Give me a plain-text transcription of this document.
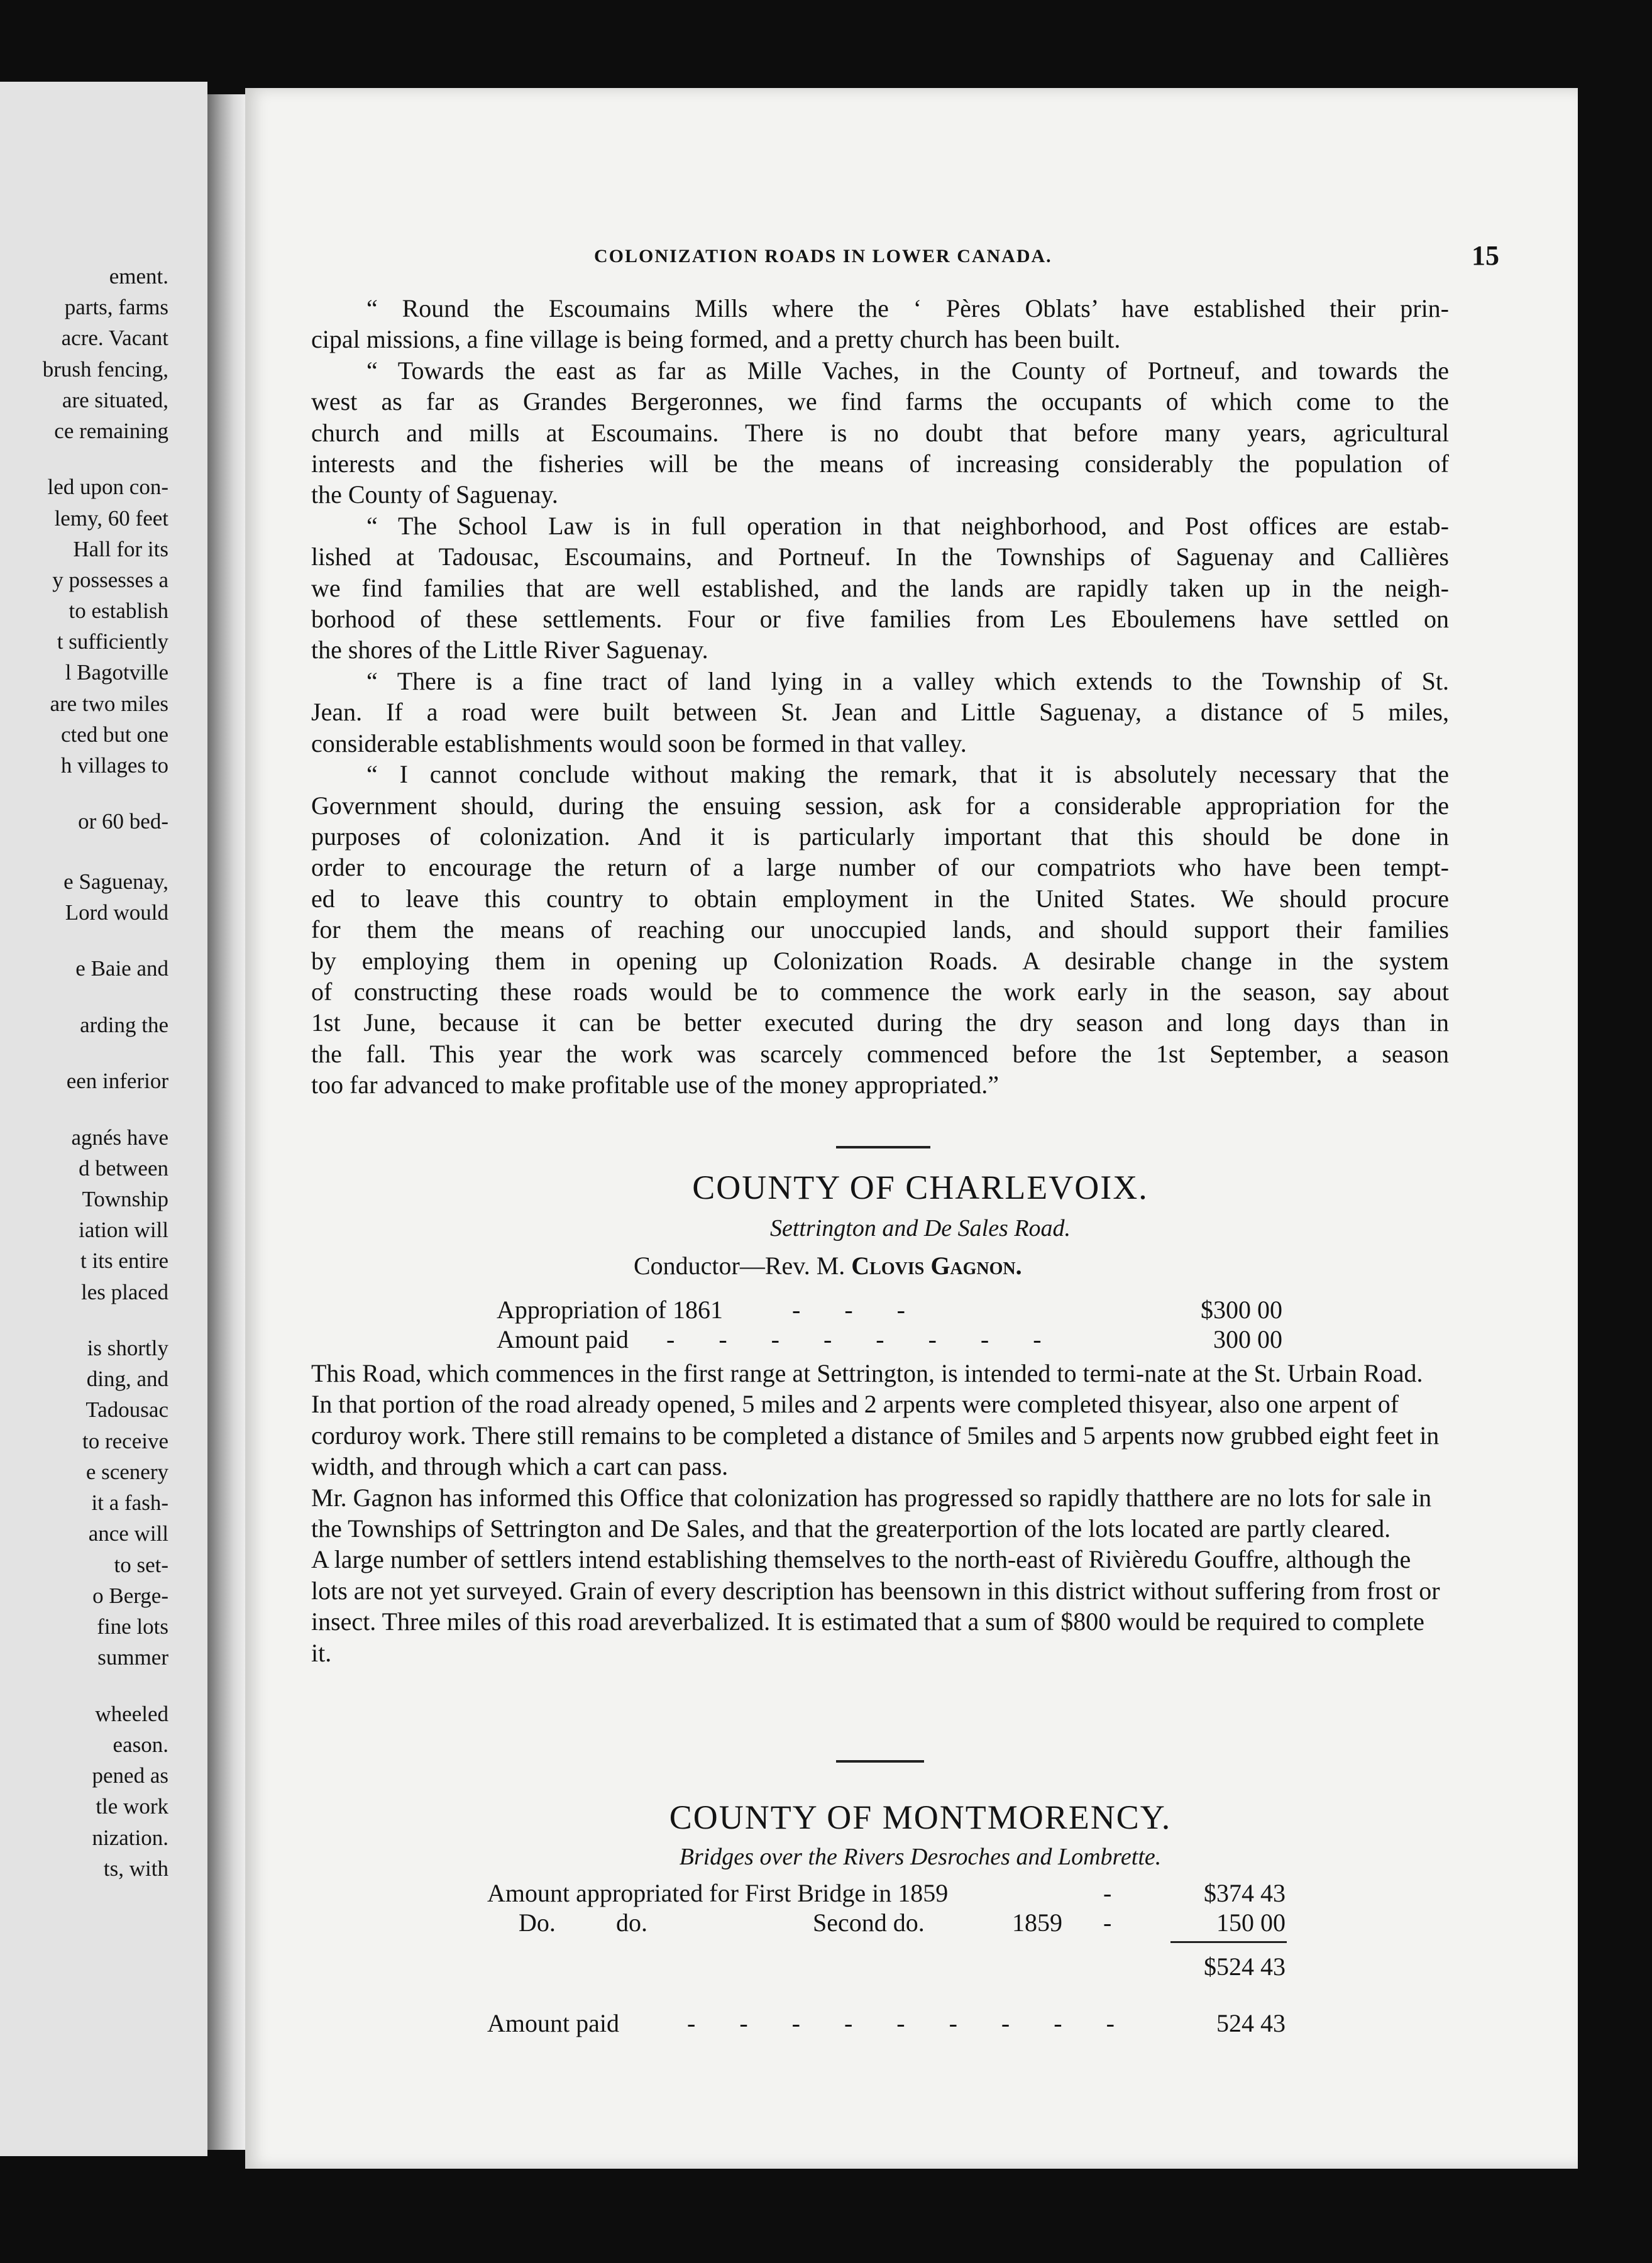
ement.
parts, farms
acre. Vacant
brush fencing,
are situated,
ce remaining
led upon con-
lemy, 60 feet
Hall for its
y possesses a
to establish
t sufficiently
l Bagotville
are two miles
cted but one
h villages to
or 60 bed-
e Saguenay,
Lord would
e Baie and
arding the
een inferior
agnés have
d between
Township
iation will
t its entire
les placed
is shortly
ding, and
Tadousac
to receive
e scenery
it a fash-
ance will
to set-
o Berge-
fine lots
summer
wheeled
eason.
pened as
tle work
nization.
ts, with
COLONIZATION ROADS IN LOWER CANADA.	15
“ Round the Escoumains Mills where the ‘ Pères Oblats’ have established their prin-
cipal missions, a fine village is being formed, and a pretty church has been built.
“ Towards the east as far as Mille Vaches, in the County of Portneuf, and towards the
west as far as Grandes Bergeronnes, we find farms the occupants of which come to the
church and mills at Escoumains. There is no doubt that before many years, agricultural
interests and the fisheries will be the means of increasing considerably the population of
the County of Saguenay.
“ The School Law is in full operation in that neighborhood, and Post offices are estab-
lished at Tadousac, Escoumains, and Portneuf. In the Townships of Saguenay and Callières
we find families that are well established, and the lands are rapidly taken up in the neigh-
borhood of these settlements. Four or five families from Les Eboulemens have settled on
the shores of the Little River Saguenay.
“ There is a fine tract of land lying in a valley which extends to the Township of St.
Jean. If a road were built between St. Jean and Little Saguenay, a distance of 5 miles,
considerable establishments would soon be formed in that valley.
“ I cannot conclude without making the remark, that it is absolutely necessary that the
Government should, during the ensuing session, ask for a considerable appropriation for the
purposes of colonization. And it is particularly important that this should be done in
order to encourage the return of a large number of our compatriots who have been tempt-
ed to leave this country to obtain employment in the United States. We should procure
for them the means of reaching our unoccupied lands, and should support their families
by employing them in opening up Colonization Roads. A desirable change in the system
of constructing these roads would be to commence the work early in the season, say about
1st June, because it can be better executed during the dry season and long days than in
the fall. This year the work was scarcely commenced before the 1st September, a season
too far advanced to make profitable use of the money appropriated.”
COUNTY OF CHARLEVOIX.
Settrington and De Sales Road.
Conductor—Rev. M. Clovis Gagnon.
Appropriation of 1861	- - -	$300 00
Amount paid - - - - - - - -	300 00
This Road, which commences in the first range at Settrington, is intended to termi-nate at the St. Urbain Road.
In that portion of the road already opened, 5 miles and 2 arpents were completed thisyear, also one arpent of corduroy work. There still remains to be completed a distance of 5miles and 5 arpents now grubbed eight feet in width, and through which a cart can pass.
Mr. Gagnon has informed this Office that colonization has progressed so rapidly thatthere are no lots for sale in the Townships of Settrington and De Sales, and that the greaterportion of the lots located are partly cleared.
A large number of settlers intend establishing themselves to the north-east of Rivièredu Gouffre, although the lots are not yet surveyed. Grain of every description has beensown in this district without suffering from frost or insect. Three miles of this road areverbalized. It is estimated that a sum of $800 would be required to complete it.
COUNTY OF MONTMORENCY.
Bridges over the Rivers Desroches and Lombrette.
Amount appropriated for First Bridge in 1859	-	$374 43
Do. do.	Second do.	1859 -	150 00
$524 43
Amount paid	- - - - - - - - -	524 43
